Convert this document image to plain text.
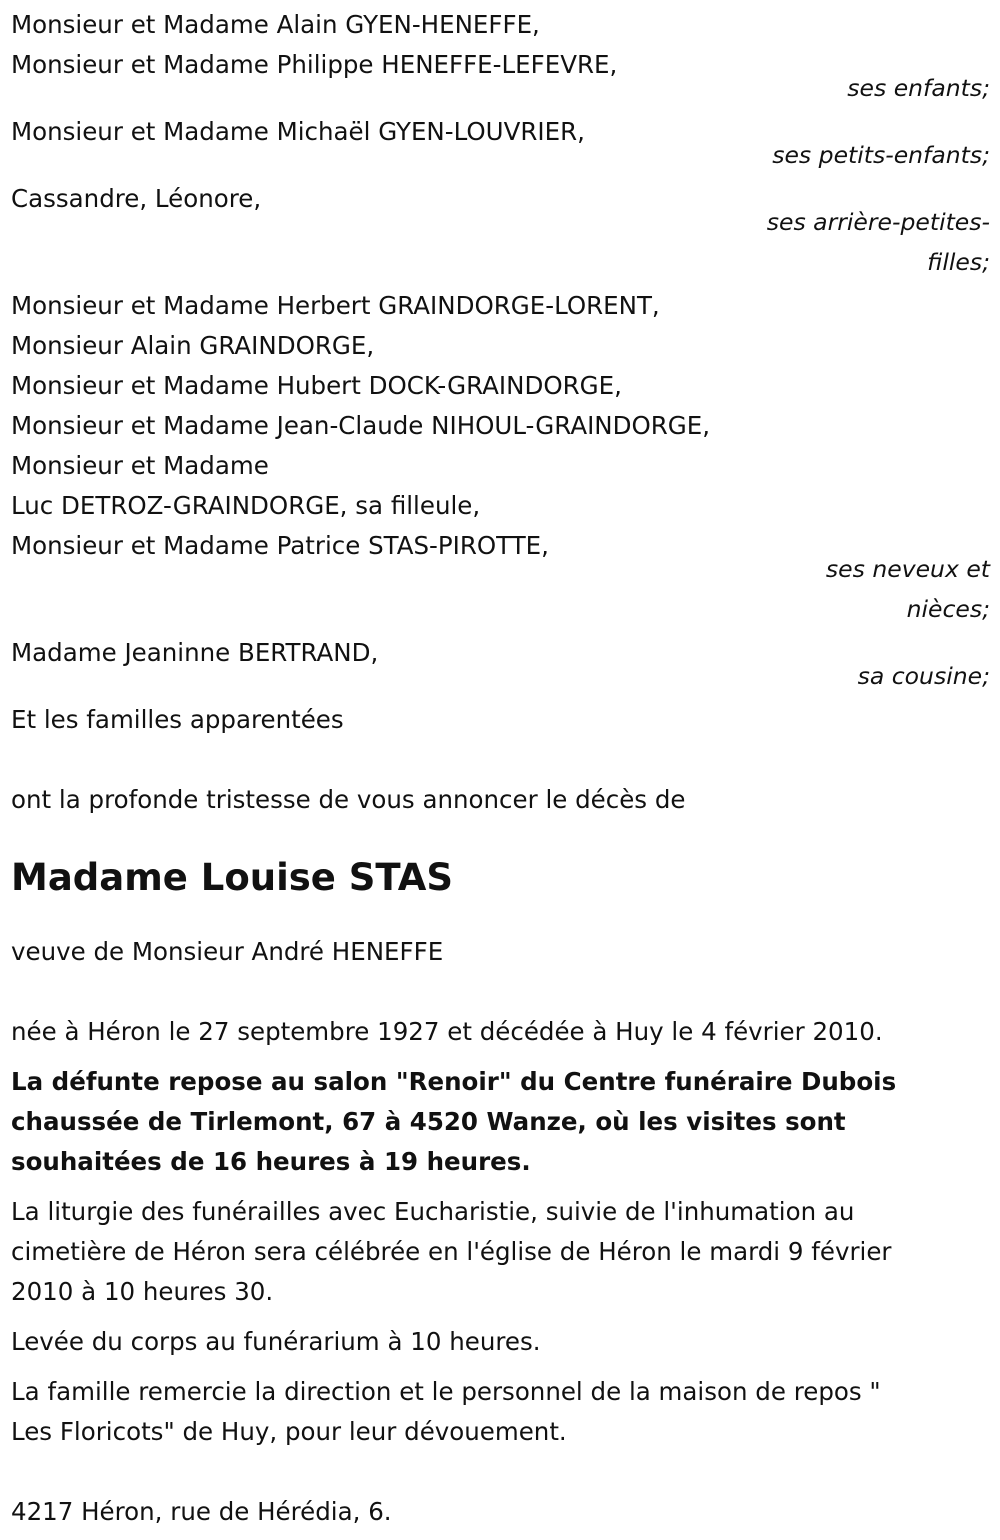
Monsieur et Madame Alain GYEN-HENEFFE,
Monsieur et Madame Philippe HENEFFE-LEFEVRE,
ses enfants;
Monsieur et Madame Michaël GYEN-LOUVRIER,
ses petits-enfants;
Cassandre, Léonore,
ses arrière-petites-
filles;
Monsieur et Madame Herbert GRAINDORGE-LORENT,
Monsieur Alain GRAINDORGE,
Monsieur et Madame Hubert DOCK-GRAINDORGE,
Monsieur et Madame Jean-Claude NIHOUL-GRAINDORGE,
Monsieur et Madame
Luc DETROZ-GRAINDORGE, sa filleule,
Monsieur et Madame Patrice STAS-PIROTTE,
ses neveux et
nièces;
Madame Jeaninne BERTRAND,
sa cousine;
Et les familles apparentées
ont la profonde tristesse de vous annoncer le décès de
Madame Louise STAS
veuve de Monsieur André HENEFFE
née à Héron le 27 septembre 1927 et décédée à Huy le 4 février 2010.
La défunte repose au salon "Renoir" du Centre funéraire Dubois
chaussée de Tirlemont, 67 à 4520 Wanze, où les visites sont
souhaitées de 16 heures à 19 heures.
La liturgie des funérailles avec Eucharistie, suivie de l'inhumation au
cimetière de Héron sera célébrée en l'église de Héron le mardi 9 février
2010 à 10 heures 30.
Levée du corps au funérarium à 10 heures.
La famille remercie la direction et le personnel de la maison de repos "
Les Floricots" de Huy, pour leur dévouement.
4217 Héron, rue de Hérédia, 6.
